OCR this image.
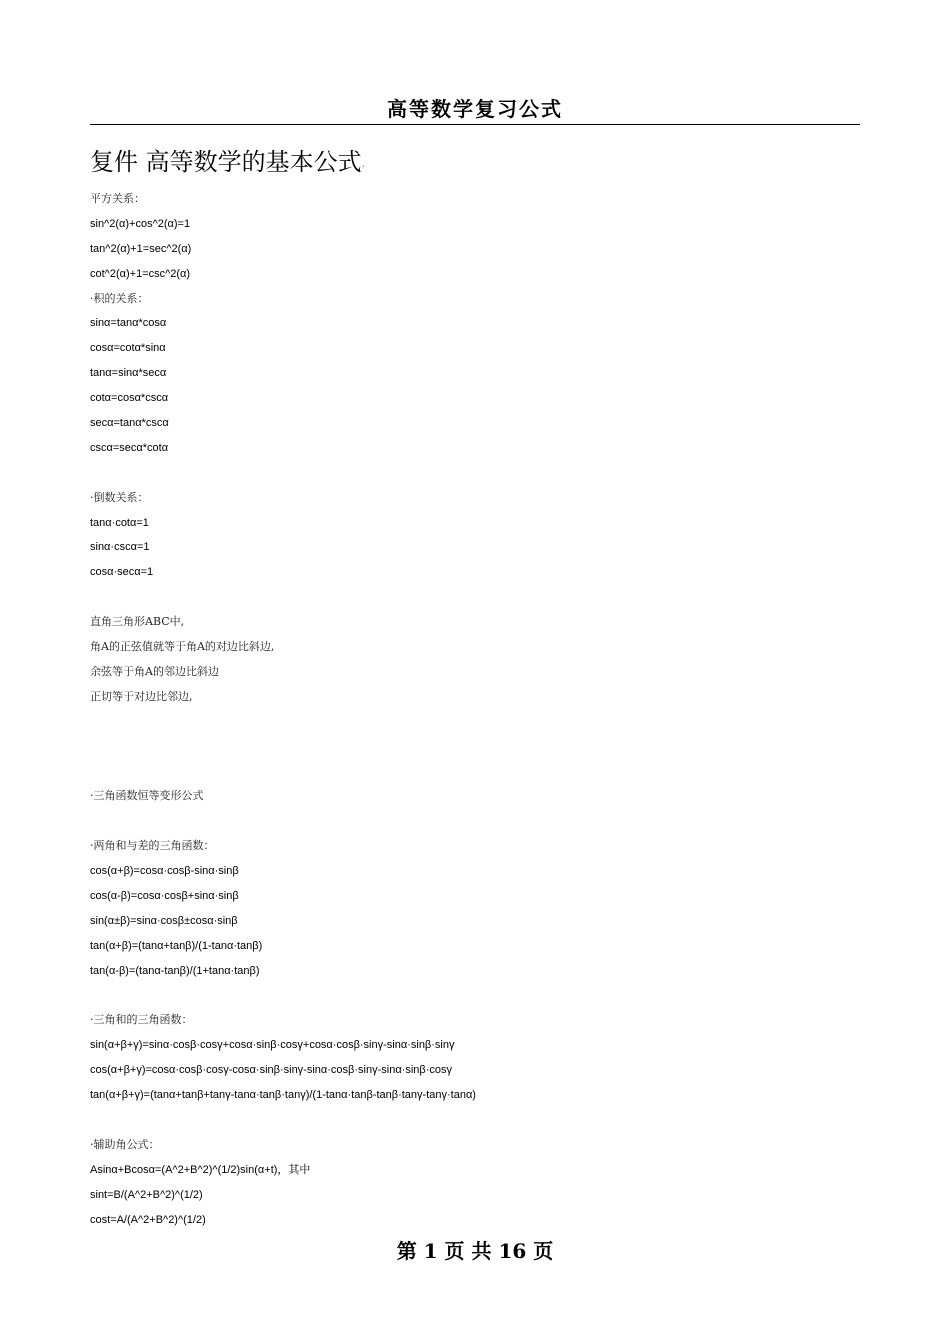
高等数学复习公式
复件 高等数学的基本公式·
平方关系：
sin^2(α)+cos^2(α)=1
tan^2(α)+1=sec^2(α)
cot^2(α)+1=csc^2(α)
·积的关系：
sinα=tanα*cosα
cosα=cotα*sinα
tanα=sinα*secα
cotα=cosα*cscα
secα=tanα*cscα
cscα=secα*cotα
·倒数关系：
tanα·cotα=1
sinα·cscα=1
cosα·secα=1
直角三角形ABC中,
角A的正弦值就等于角A的对边比斜边,
余弦等于角A的邻边比斜边
正切等于对边比邻边,
·三角函数恒等变形公式
·两角和与差的三角函数：
cos(α+β)=cosα·cosβ-sinα·sinβ
cos(α-β)=cosα·cosβ+sinα·sinβ
sin(α±β)=sinα·cosβ±cosα·sinβ
tan(α+β)=(tanα+tanβ)/(1-tanα·tanβ)
tan(α-β)=(tanα-tanβ)/(1+tanα·tanβ)
·三角和的三角函数：
sin(α+β+γ)=sinα·cosβ·cosγ+cosα·sinβ·cosγ+cosα·cosβ·sinγ-sinα·sinβ·sinγ
cos(α+β+γ)=cosα·cosβ·cosγ-cosα·sinβ·sinγ-sinα·cosβ·sinγ-sinα·sinβ·cosγ
tan(α+β+γ)=(tanα+tanβ+tanγ-tanα·tanβ·tanγ)/(1-tanα·tanβ-tanβ·tanγ-tanγ·tanα)
·辅助角公式：
Asinα+Bcosα=(A^2+B^2)^(1/2)sin(α+t)，其中
sint=B/(A^2+B^2)^(1/2)
cost=A/(A^2+B^2)^(1/2)
第 1 页 共 16 页
